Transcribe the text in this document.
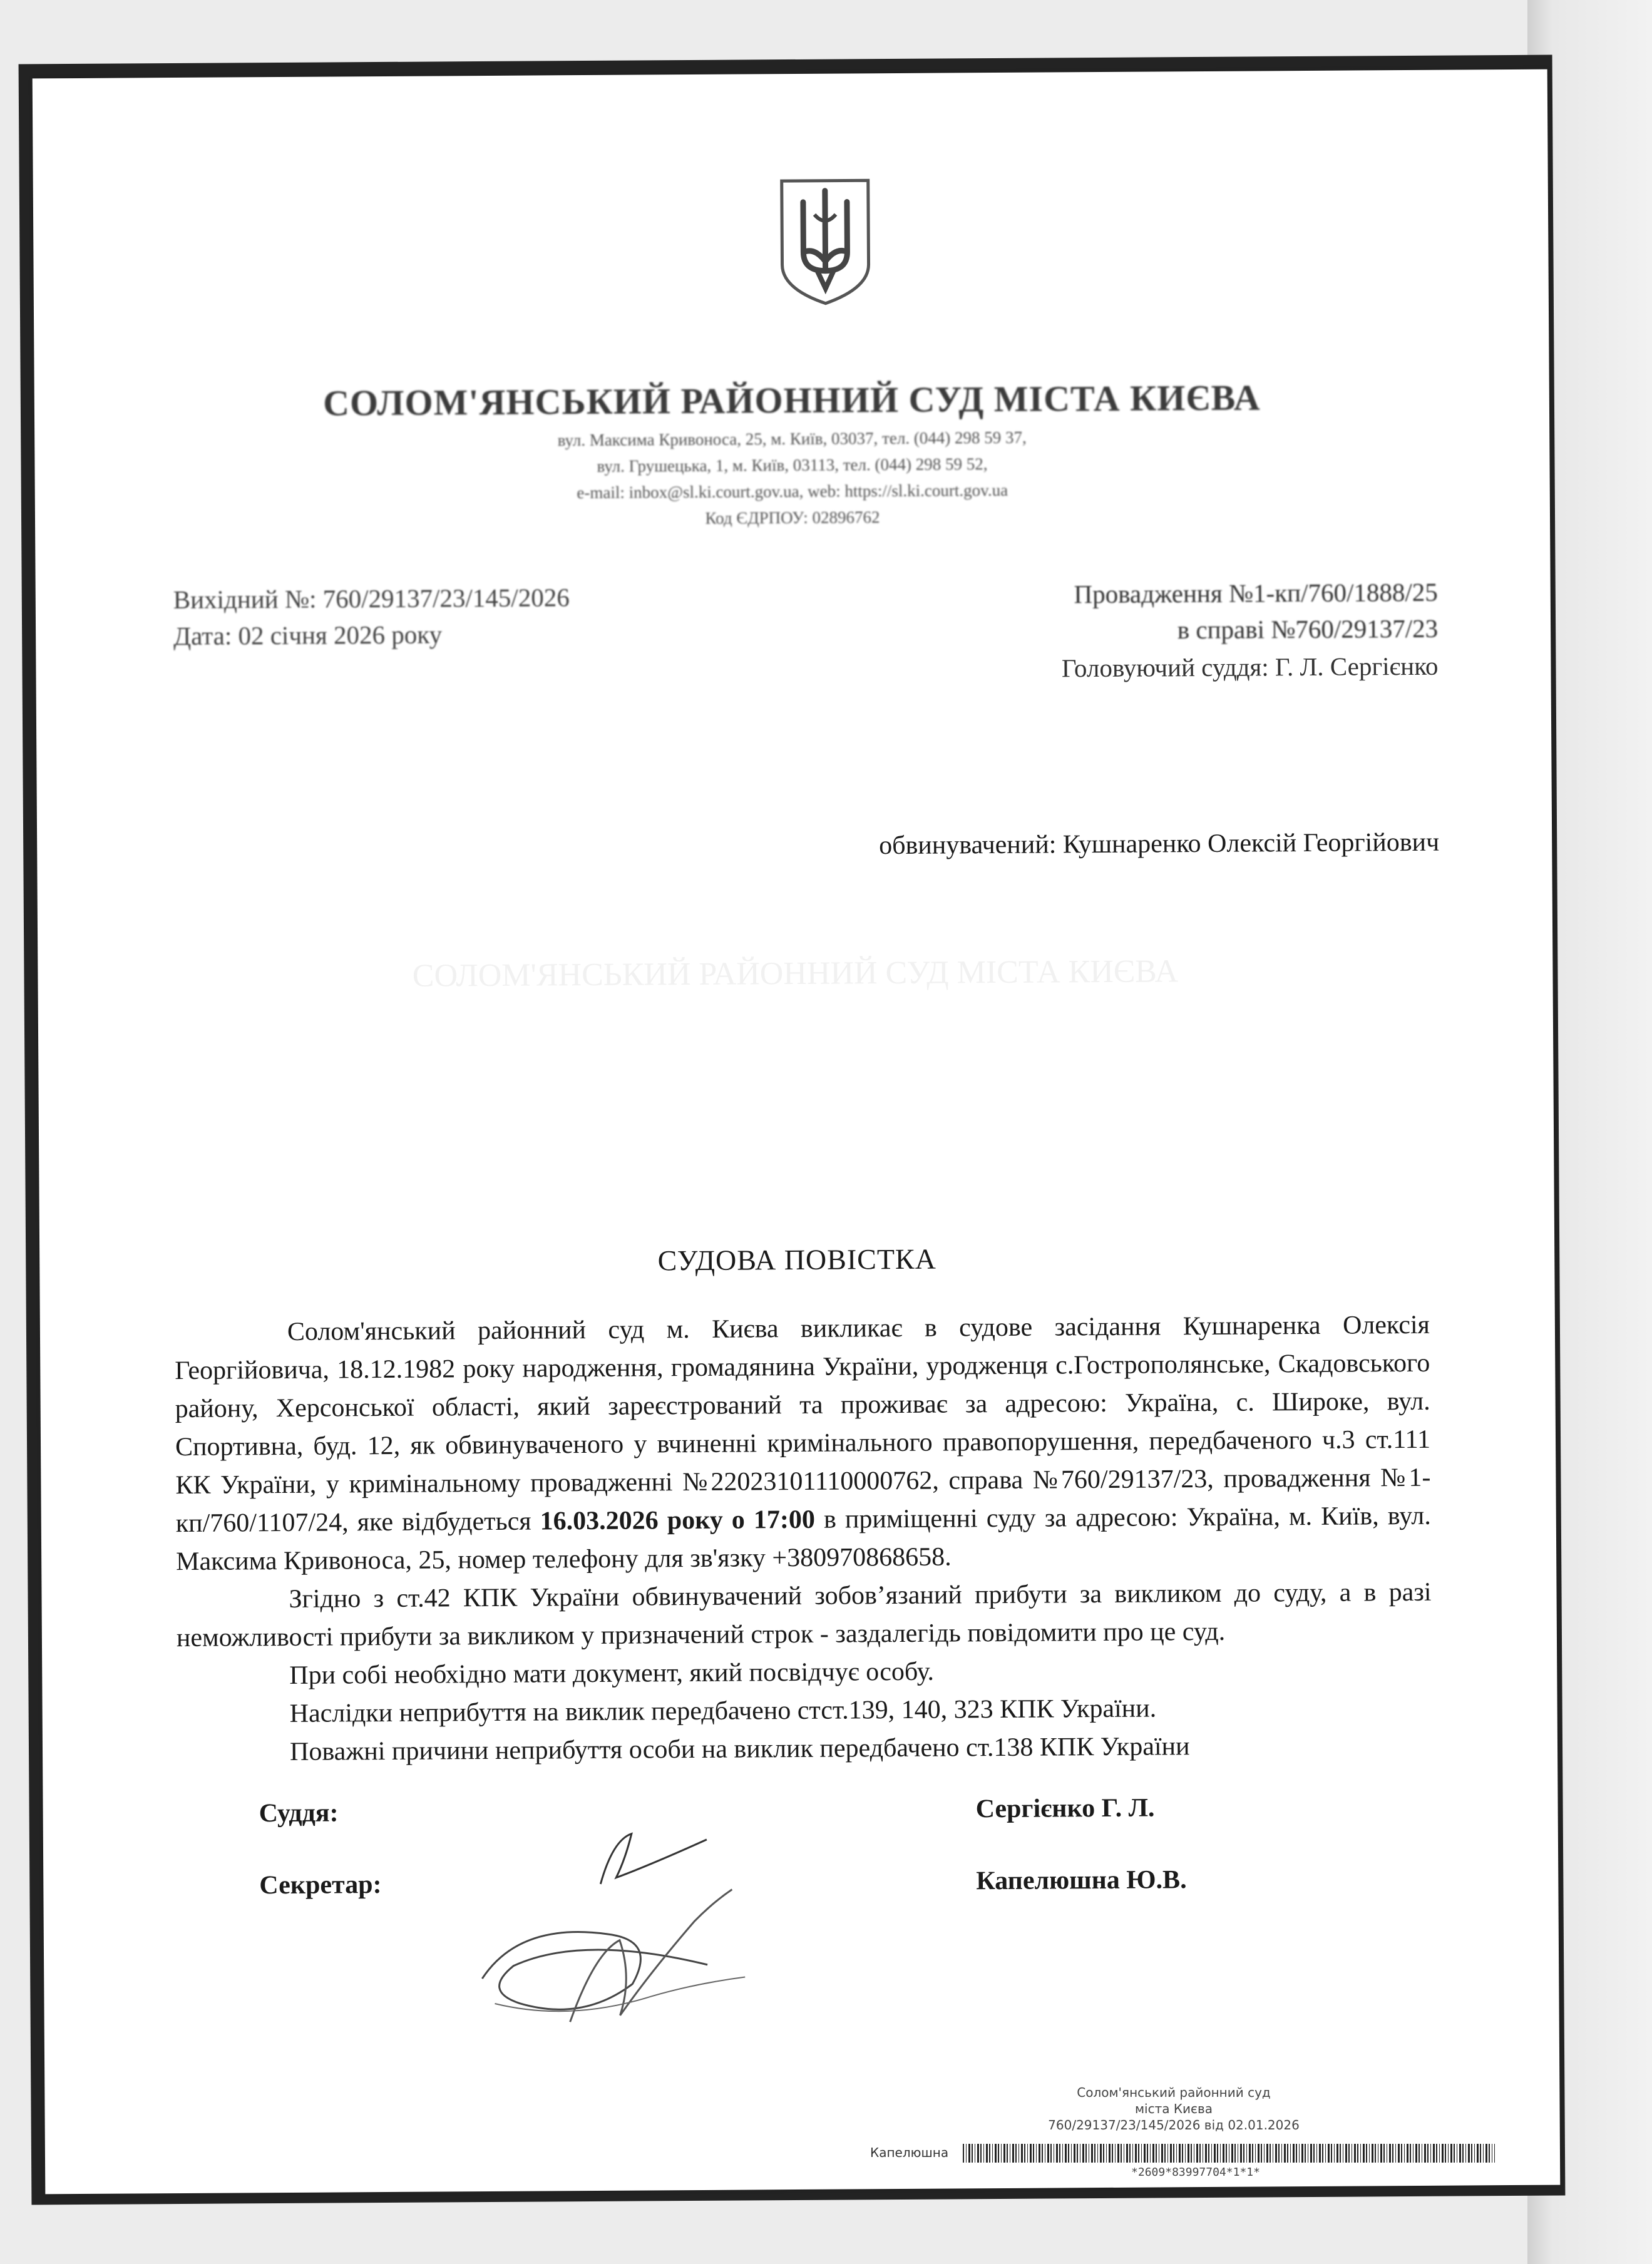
СОЛОМ'ЯНСЬКИЙ РАЙОННИЙ СУД МІСТА КИЄВА
вул. Максима Кривоноса, 25, м. Київ, 03037, тел. (044) 298 59 37,
вул. Грушецька, 1, м. Київ, 03113, тел. (044) 298 59 52,
e-mail: inbox@sl.ki.court.gov.ua, web: https://sl.ki.court.gov.ua
Код ЄДРПОУ: 02896762
Вихідний №: 760/29137/23/145/2026
Дата: 02 січня 2026 року
Провадження №1-кп/760/1888/25
в справі №760/29137/23
Головуючий суддя: Г. Л. Сергієнко
обвинувачений: Кушнаренко Олексій Георгійович
СОЛОМ'ЯНСЬКИЙ РАЙОННИЙ СУД МІСТА КИЄВА
СУДОВА ПОВІСТКА

Солом'янський районний суд м. Києва викликає в судове засідання Кушнаренка Олексія Георгійовича, 18.12.1982 року народження, громадянина України, уродженця с.Гострополянське, Скадовського району, Херсонської області, який зареєстрований та проживає за адресою: Україна, с. Широке, вул. Спортивна, буд. 12, як обвинуваченого у вчиненні кримінального правопорушення, передбаченого ч.3 ст.111 КК України, у кримінальному провадженні №22023101110000762, справа №760/29137/23, провадження №1-кп/760/1107/24, яке відбудеться 16.03.2026 року о 17:00 в приміщенні суду за адресою: Україна, м. Київ, вул. Максима Кривоноса, 25, номер телефону для зв'язку +380970868658.

Згідно з ст.42 КПК України обвинувачений зобов’язаний прибути за викликом до суду, а в разі неможливості прибути за викликом у призначений строк - заздалегідь повідомити про це суд.

При собі необхідно мати документ, який посвідчує особу.

Наслідки неприбуття на виклик передбачено стст.139, 140, 323 КПК України.

Поважні причини неприбуття особи на виклик передбачено ст.138 КПК України

Суддя:	Сергієнко Г. Л.
Секретар:	Капелюшна Ю.В.
Солом'янський районний суд
міста Києва
760/29137/23/145/2026 від 02.01.2026
Капелюшна
*2609*83997704*1*1*
